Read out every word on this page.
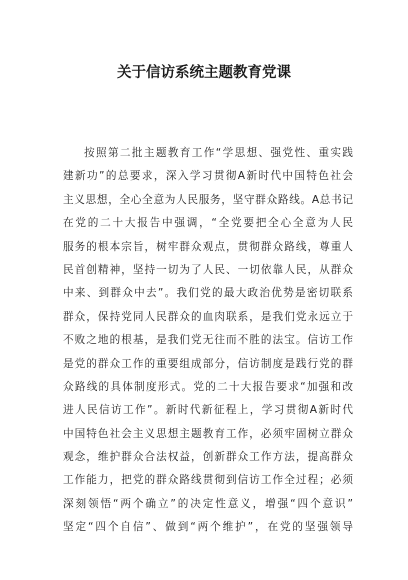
关于信访系统主题教育党课
按照第二批主题教育工作“学思想、强党性、重实践
建新功”的总要求，深入学习贯彻A新时代中国特色社会
主义思想，全心全意为人民服务，坚守群众路线。A总书记
在党的二十大报告中强调，“全党要把全心全意为人民
服务的根本宗旨，树牢群众观点，贯彻群众路线，尊重人
民首创精神，坚持一切为了人民、一切依靠人民，从群众
中来、到群众中去”。我们党的最大政治优势是密切联系
群众，保持党同人民群众的血肉联系，是我们党永远立于
不败之地的根基，是我们党无往而不胜的法宝。信访工作
是党的群众工作的重要组成部分，信访制度是践行党的群
众路线的具体制度形式。党的二十大报告要求“加强和改
进人民信访工作”。新时代新征程上，学习贯彻A新时代
中国特色社会主义思想主题教育工作，必须牢固树立群众
观念，维护群众合法权益，创新群众工作方法，提高群众
工作能力，把党的群众路线贯彻到信访工作全过程；必须
深刻领悟“两个确立”的决定性意义，增强“四个意识”
坚定“四个自信”、做到“两个维护”，在党的坚强领导
